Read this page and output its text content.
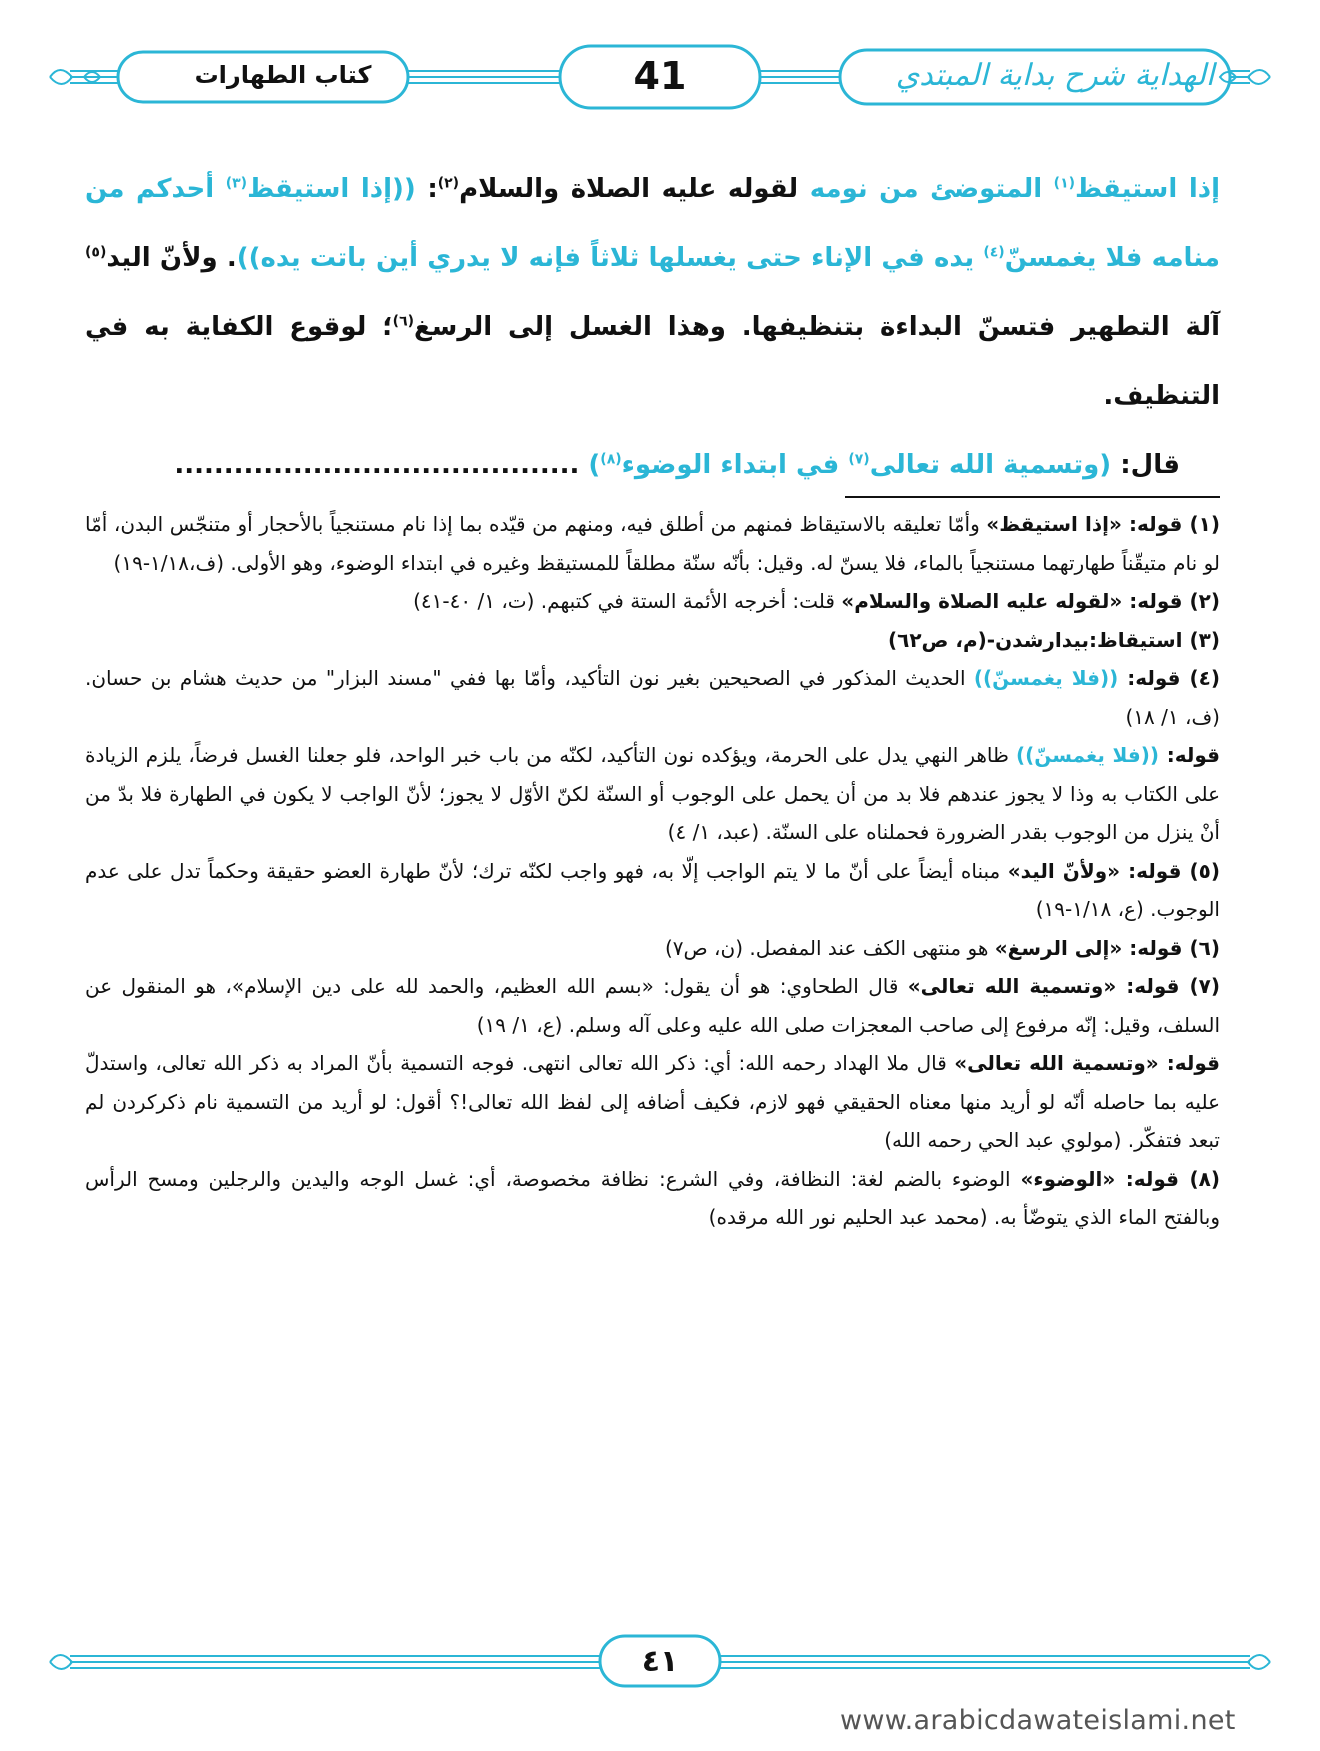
الهداية شرح بداية المبتدي
41
كتاب الطهارات
إذا استيقظ$^{(١)}$ المتوضئ من نومه لقوله عليه الصلاة والسلام$^{(٢)}$: ((إذا استيقظ$^{(٣)}$ أحدكم من منامه فلا يغمسنّ$^{(٤)}$ يده في الإناء حتى يغسلها ثلاثاً فإنه لا يدري أين باتت يده)). ولأنّ اليد$^{(٥)}$ آلة التطهير فتسنّ البداءة بتنظيفها. وهذا الغسل إلى الرسغ$^{(٦)}$؛ لوقوع الكفاية به في التنظيف.
قال: (وتسمية الله تعالى$^{(٧)}$ في ابتداء الوضوء$^{(٨)}$) .........................................

(١) قوله: «إذا استيقظ» وأمّا تعليقه بالاستيقاظ فمنهم من أطلق فيه، ومنهم من قيّده بما إذا نام مستنجياً بالأحجار أو متنجّس البدن، أمّا لو نام متيقّناً طهارتهما مستنجياً بالماء، فلا يسنّ له. وقيل: بأنّه سنّة مطلقاً للمستيقظ وغيره في ابتداء الوضوء، وهو الأولى. (ف،١/١٨-١٩)

(٢) قوله: «لقوله عليه الصلاة والسلام» قلت: أخرجه الأئمة الستة في كتبهم. (ت، ١/ ٤٠-٤١)

(٣) استيقاظ:بيدارشدن-(م، ص٦٢)

(٤) قوله: ((فلا يغمسنّ)) الحديث المذكور في الصحيحين بغير نون التأكيد، وأمّا بها ففي "مسند البزار" من حديث هشام بن حسان. (ف، ١/ ١٨)

قوله: ((فلا يغمسنّ)) ظاهر النهي يدل على الحرمة، ويؤكده نون التأكيد، لكنّه من باب خبر الواحد، فلو جعلنا الغسل فرضاً، يلزم الزيادة على الكتاب به وذا لا يجوز عندهم فلا بد من أن يحمل على الوجوب أو السنّة لكنّ الأوّل لا يجوز؛ لأنّ الواجب لا يكون في الطهارة فلا بدّ من أنْ ينزل من الوجوب بقدر الضرورة فحملناه على السنّة. (عبد، ١/ ٤)

(٥) قوله: «ولأنّ اليد» مبناه أيضاً على أنّ ما لا يتم الواجب إلّا به، فهو واجب لكنّه ترك؛ لأنّ طهارة العضو حقيقة وحكماً تدل على عدم الوجوب. (ع، ١/١٨-١٩)

(٦) قوله: «إلى الرسغ» هو منتهى الكف عند المفصل. (ن، ص٧)

(٧) قوله: «وتسمية الله تعالى» قال الطحاوي: هو أن يقول: «بسم الله العظيم، والحمد لله على دين الإسلام»، هو المنقول عن السلف، وقيل: إنّه مرفوع إلى صاحب المعجزات صلى الله عليه وعلى آله وسلم. (ع، ١/ ١٩)

قوله: «وتسمية الله تعالى» قال ملا الهداد رحمه الله: أي: ذكر الله تعالى انتهى. فوجه التسمية بأنّ المراد به ذكر الله تعالى، واستدلّ عليه بما حاصله أنّه لو أريد منها معناه الحقيقي فهو لازم، فكيف أضافه إلى لفظ الله تعالى!؟ أقول: لو أريد من التسمية نام ذكركردن لم تبعد فتفكّر. (مولوي عبد الحي رحمه الله)

(٨) قوله: «الوضوء» الوضوء بالضم لغة: النظافة، وفي الشرع: نظافة مخصوصة، أي: غسل الوجه واليدين والرجلين ومسح الرأس وبالفتح الماء الذي يتوضّأ به. (محمد عبد الحليم نور الله مرقده)

٤١
www.arabicdawateislami.net
